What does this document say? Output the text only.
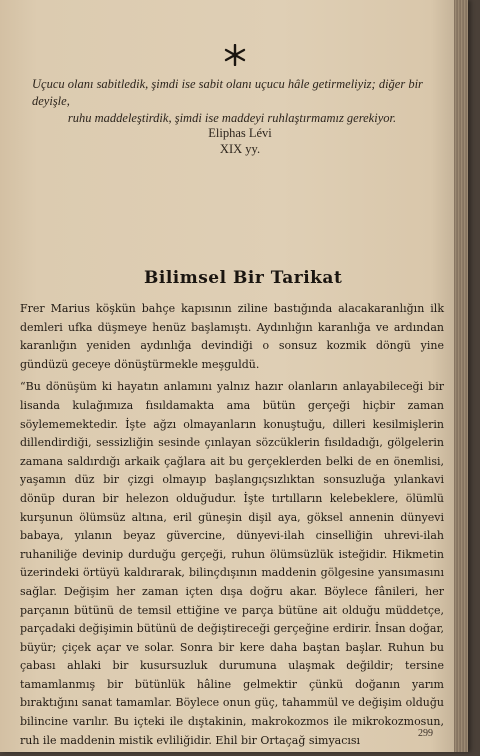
Uçucu olanı sabitledik, şimdi ise sabit olanı uçucu hâle getirmeliyiz; diğer bir deyişle,
ruhu maddeleştirdik, şimdi ise maddeyi ruhlaştırmamız gerekiyor.
Eliphas Lévi
XIX yy.
Bilimsel Bir Tarikat

Frer Marius köşkün bahçe kapısının ziline bastığında alacakaranlığın ilk demleri ufka düşmeye henüz başlamıştı. Aydınlığın karanlığa ve ardından karanlığın yeniden aydınlığa devindiği o sonsuz kozmik döngü yine gündüzü geceye dönüştürmekle meşguldü.

“Bu dönüşüm ki hayatın anlamını yalnız hazır olanların anlayabileceği bir lisanda kulağımıza fısıldamakta ama bütün gerçeği hiçbir zaman söylememektedir. İşte ağzı olmayanların konuştuğu, dilleri kesilmişlerin dillendirdiği, sessizliğin sesinde çınlayan sözcüklerin fısıldadığı, gölgelerin zamana saldırdığı arkaik çağlara ait bu gerçeklerden belki de en önemlisi, yaşamın düz bir çizgi olmayıp başlangıçsızlıktan sonsuzluğa yılankavi dönüp duran bir helezon olduğudur. İşte tırtılların kelebeklere, ölümlü kurşunun ölümsüz altına, eril güneşin dişil aya, göksel annenin dünyevi babaya, yılanın beyaz güvercine, dünyevi-ilah cinselliğin uhrevi-ilah ruhaniliğe devinip durduğu gerçeği, ruhun ölümsüzlük isteğidir. Hikmetin üzerindeki örtüyü kaldırarak, bilinçdışının maddenin gölgesine yansımasını sağlar. Değişim her zaman içten dışa doğru akar. Böylece fânileri, her parçanın bütünü de temsil ettiğine ve parça bütüne ait olduğu müddetçe, parçadaki değişimin bütünü de değiştireceği gerçeğine erdirir. İnsan doğar, büyür; çiçek açar ve solar. Sonra bir kere daha baştan başlar. Ruhun bu çabası ahlaki bir kusursuzluk durumuna ulaşmak değildir; tersine tamamlanmış bir bütünlük hâline gelmektir çünkü doğanın yarım bıraktığını sanat tamamlar. Böylece onun güç, tahammül ve değişim olduğu bilincine varılır. Bu içteki ile dıştakinin, makrokozmos ile mikrokozmosun, ruh ile maddenin mistik evliliğidir. Ehil bir Ortaçağ simyacısı

299
